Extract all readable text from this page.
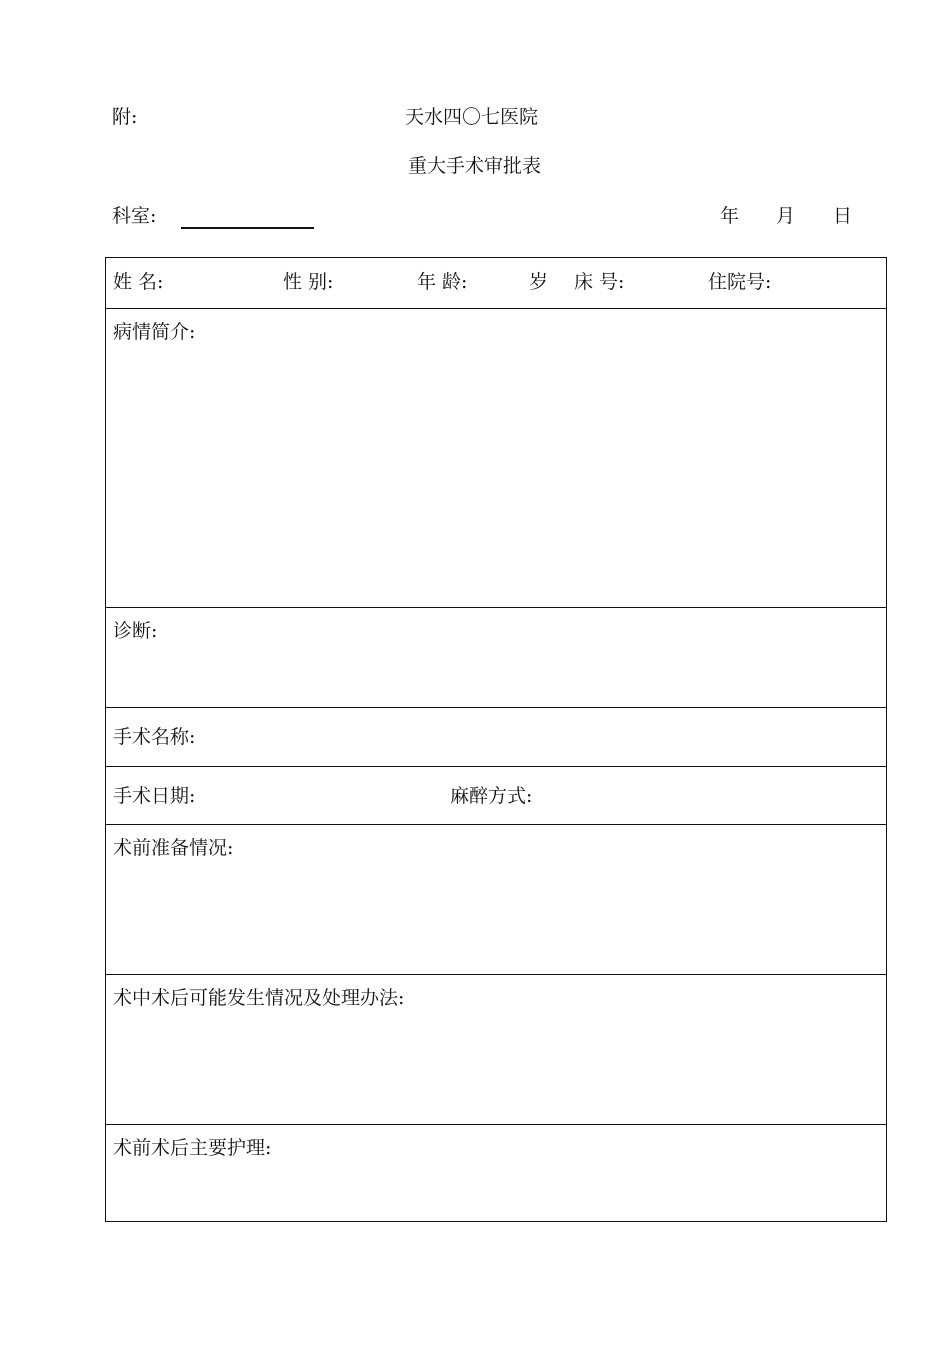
附:	天水四〇七医院
重大手术审批表
科室:	年 月 日
姓 名:	性 别:	年 龄:	岁 床 号:	住院号:
病情简介:
诊断:
手术名称:
手术日期:	麻醉方式:
术前准备情况:
术中术后可能发生情况及处理办法:
术前术后主要护理:
